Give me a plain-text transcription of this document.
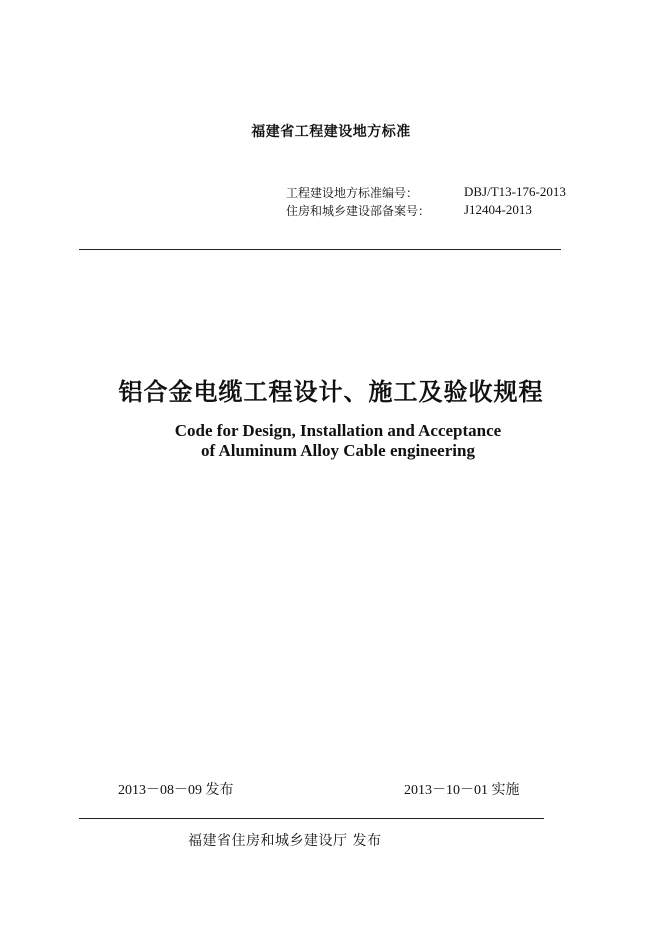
福建省工程建设地方标准
工程建设地方标准编号：	DBJ/T13-176-2013
住房和城乡建设部备案号：	J12404-2013
铝合金电缆工程设计、施工及验收规程
Code for Design, Installation and Acceptance
of Aluminum Alloy Cable engineering
2013－08－09 发布	2013－10－01 实施
福建省住房和城乡建设厅 发布
